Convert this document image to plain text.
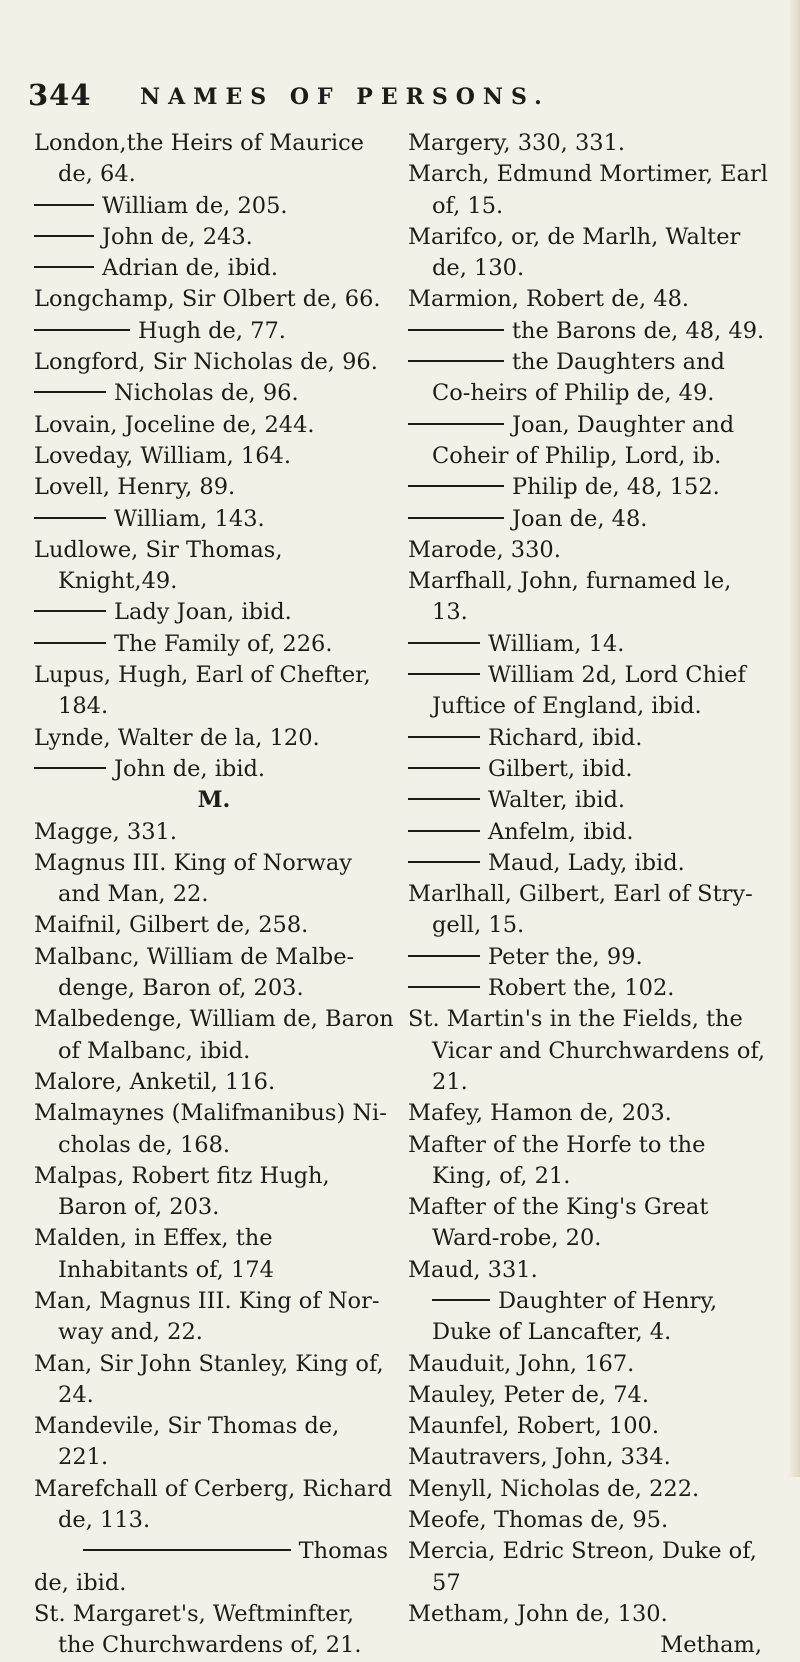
344 NAMES OF PERSONS.

London,the Heirs of Maurice de, 64.

William de, 205.

John de, 243.

Adrian de, ibid.

Longchamp, Sir Olbert de, 66.

Hugh de, 77.

Longford, Sir Nicholas de, 96.

Nicholas de, 96.

Lovain, Joceline de, 244.

Loveday, William, 164.

Lovell, Henry, 89.

William, 143.

Ludlowe, Sir Thomas, Knight,49.

Lady Joan, ibid.

The Family of, 226.

Lupus, Hugh, Earl of Chefter, 184.

Lynde, Walter de la, 120.

John de, ibid.

M.

Magge, 331.

Magnus III. King of Norway and Man, 22.

Maifnil, Gilbert de, 258.

Malbanc, William de Malbe-denge, Baron of, 203.

Malbedenge, William de, Baron of Malbanc, ibid.

Malore, Anketil, 116.

Malmaynes (Malifmanibus) Ni-cholas de, 168.

Malpas, Robert fitz Hugh, Baron of, 203.

Malden, in Effex, the Inhabitants of, 174

Man, Magnus III. King of Nor-way and, 22.

Man, Sir John Stanley, King of, 24.

Mandevile, Sir Thomas de, 221.

Marefchall of Cerberg, Richard de, 113.

Thomas

de, ibid.

St. Margaret's, Weftminfter, the Churchwardens of, 21.

Margery, 330, 331.

March, Edmund Mortimer, Earl of, 15.

Marifco, or, de Marlh, Walter de, 130.

Marmion, Robert de, 48.

the Barons de, 48, 49.

the Daughters and Co-heirs of Philip de, 49.

Joan, Daughter and Coheir of Philip, Lord, ib.

Philip de, 48, 152.

Joan de, 48.

Marode, 330.

Marfhall, John, furnamed le, 13.

William, 14.

William 2d, Lord Chief Juftice of England, ibid.

Richard, ibid.

Gilbert, ibid.

Walter, ibid.

Anfelm, ibid.

Maud, Lady, ibid.

Marlhall, Gilbert, Earl of Stry-gell, 15.

Peter the, 99.

Robert the, 102.

St. Martin's in the Fields, the Vicar and Churchwardens of, 21.

Mafey, Hamon de, 203.

Mafter of the Horfe to the King, of, 21.

Mafter of the King's Great Ward-robe, 20.

Maud, 331.

Daughter of Henry, Duke of Lancafter, 4.

Mauduit, John, 167.

Mauley, Peter de, 74.

Maunfel, Robert, 100.

Mautravers, John, 334.

Menyll, Nicholas de, 222.

Meofe, Thomas de, 95.

Mercia, Edric Streon, Duke of, 57

Metham, John de, 130.

Metham,
